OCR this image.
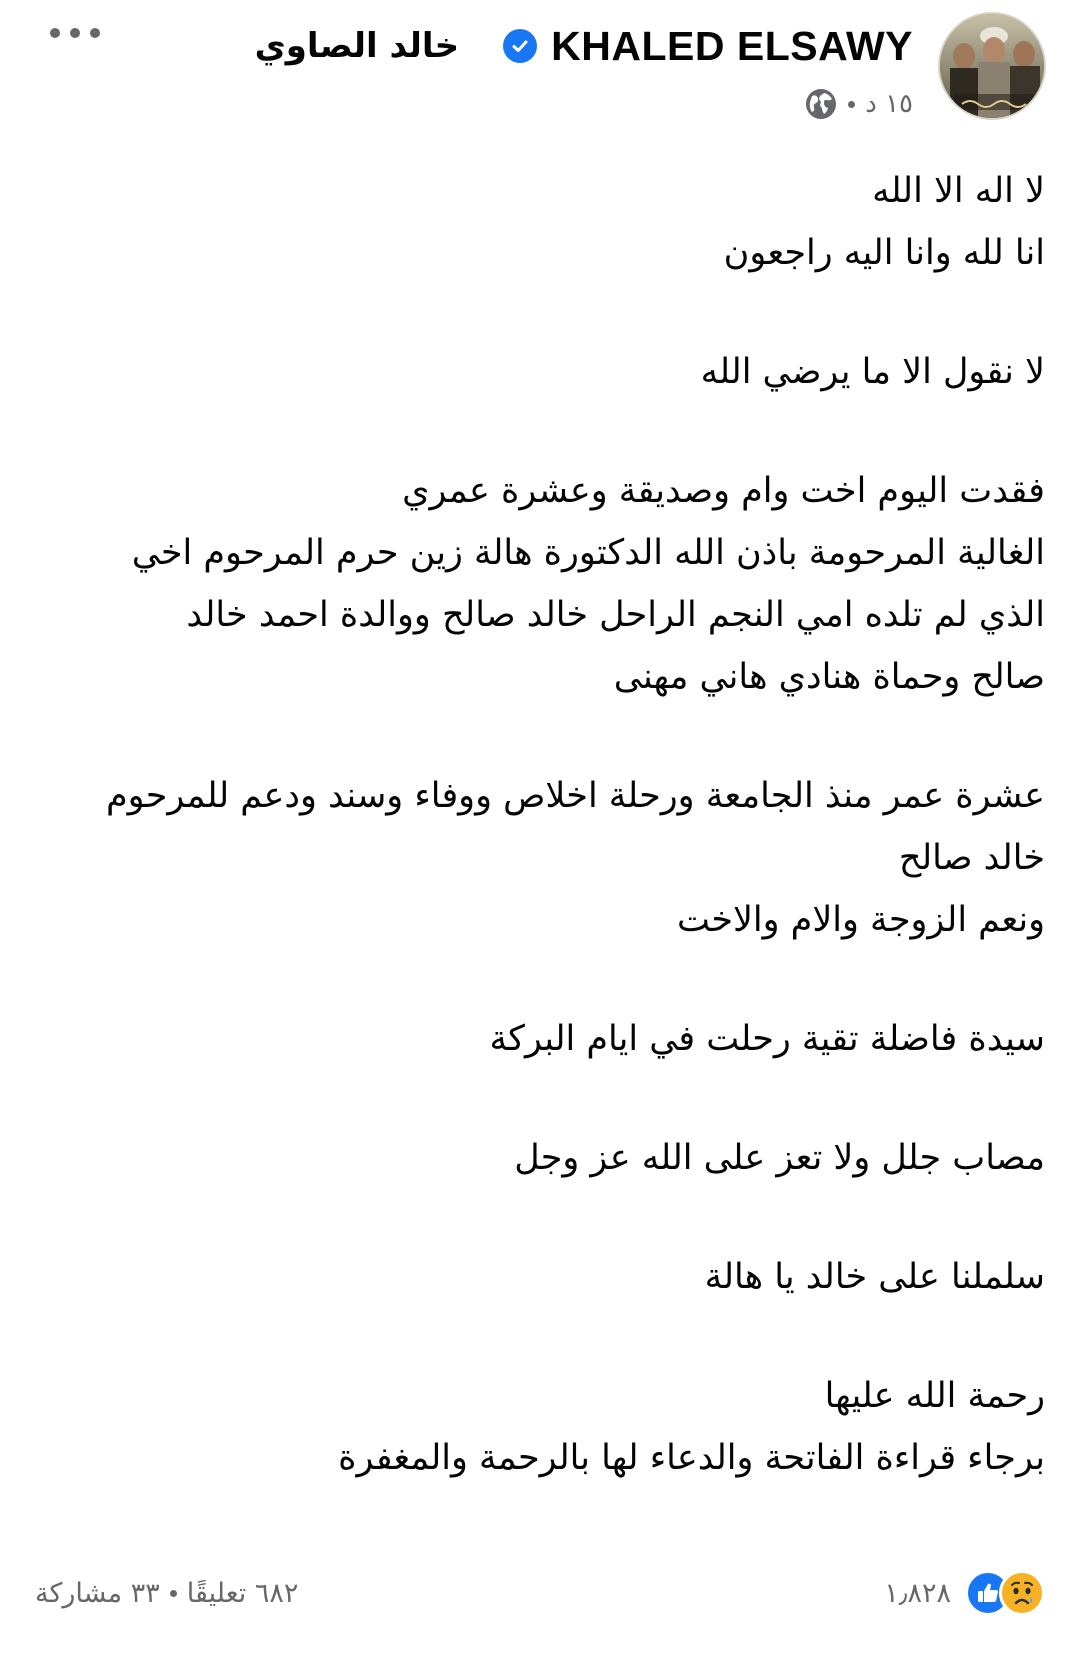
KHALED ELSAWY
خالد الصاوي
١٥ د
لا اله الا الله
انا لله وانا اليه راجعون
لا نقول الا ما يرضي الله
فقدت اليوم اخت وام وصديقة وعشرة عمري
الغالية المرحومة باذن الله الدكتورة هالة زين حرم المرحوم اخي
الذي لم تلده امي النجم الراحل خالد صالح ووالدة احمد خالد
صالح وحماة هنادي هاني مهنى
عشرة عمر منذ الجامعة ورحلة اخلاص ووفاء وسند ودعم للمرحوم
خالد صالح
ونعم الزوجة والام والاخت
سيدة فاضلة تقية رحلت في ايام البركة
مصاب جلل ولا تعز على الله عز وجل
سلملنا على خالد يا هالة
رحمة الله عليها
برجاء قراءة الفاتحة والدعاء لها بالرحمة والمغفرة
١٫٨٢٨
٦٨٢ تعليقًا
٣٣ مشاركة
